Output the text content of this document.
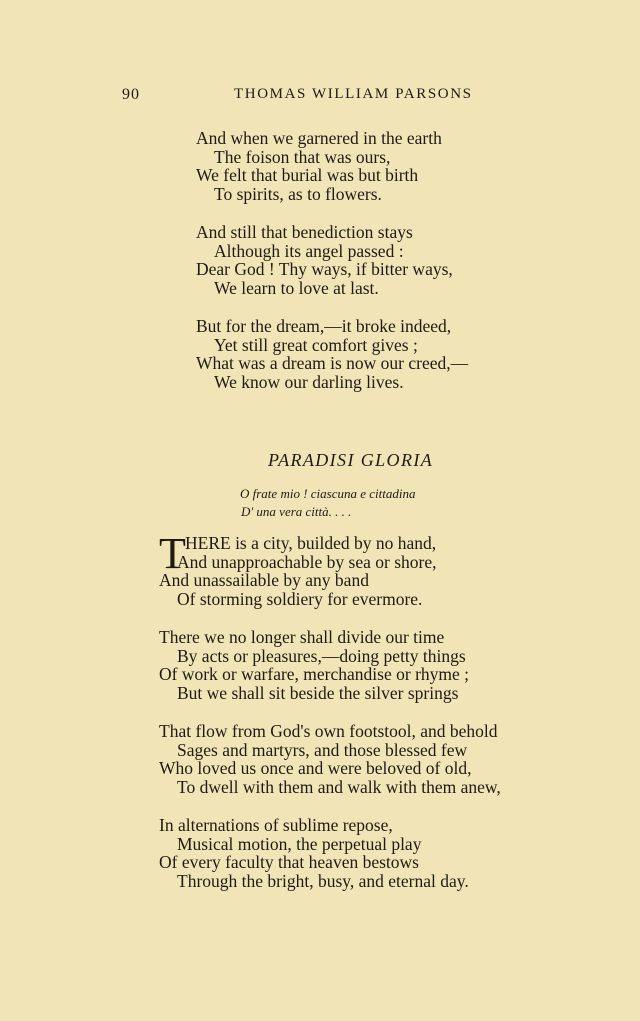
90	THOMAS WILLIAM PARSONS
And when we garnered in the earth
The foison that was ours,
We felt that burial was but birth
To spirits, as to flowers.
And still that benediction stays
Although its angel passed :
Dear God ! Thy ways, if bitter ways,
We learn to love at last.
But for the dream,—it broke indeed,
Yet still great comfort gives ;
What was a dream is now our creed,—
We know our darling lives.
PARADISI GLORIA
O frate mio ! ciascuna e cittadina
D' una vera città. . . .
T HERE is a city, builded by no hand,
And unapproachable by sea or shore,
And unassailable by any band
Of storming soldiery for evermore.
There we no longer shall divide our time
By acts or pleasures,—doing petty things
Of work or warfare, merchandise or rhyme ;
But we shall sit beside the silver springs
That flow from God's own footstool, and behold
Sages and martyrs, and those blessed few
Who loved us once and were beloved of old,
To dwell with them and walk with them anew,
In alternations of sublime repose,
Musical motion, the perpetual play
Of every faculty that heaven bestows
Through the bright, busy, and eternal day.
